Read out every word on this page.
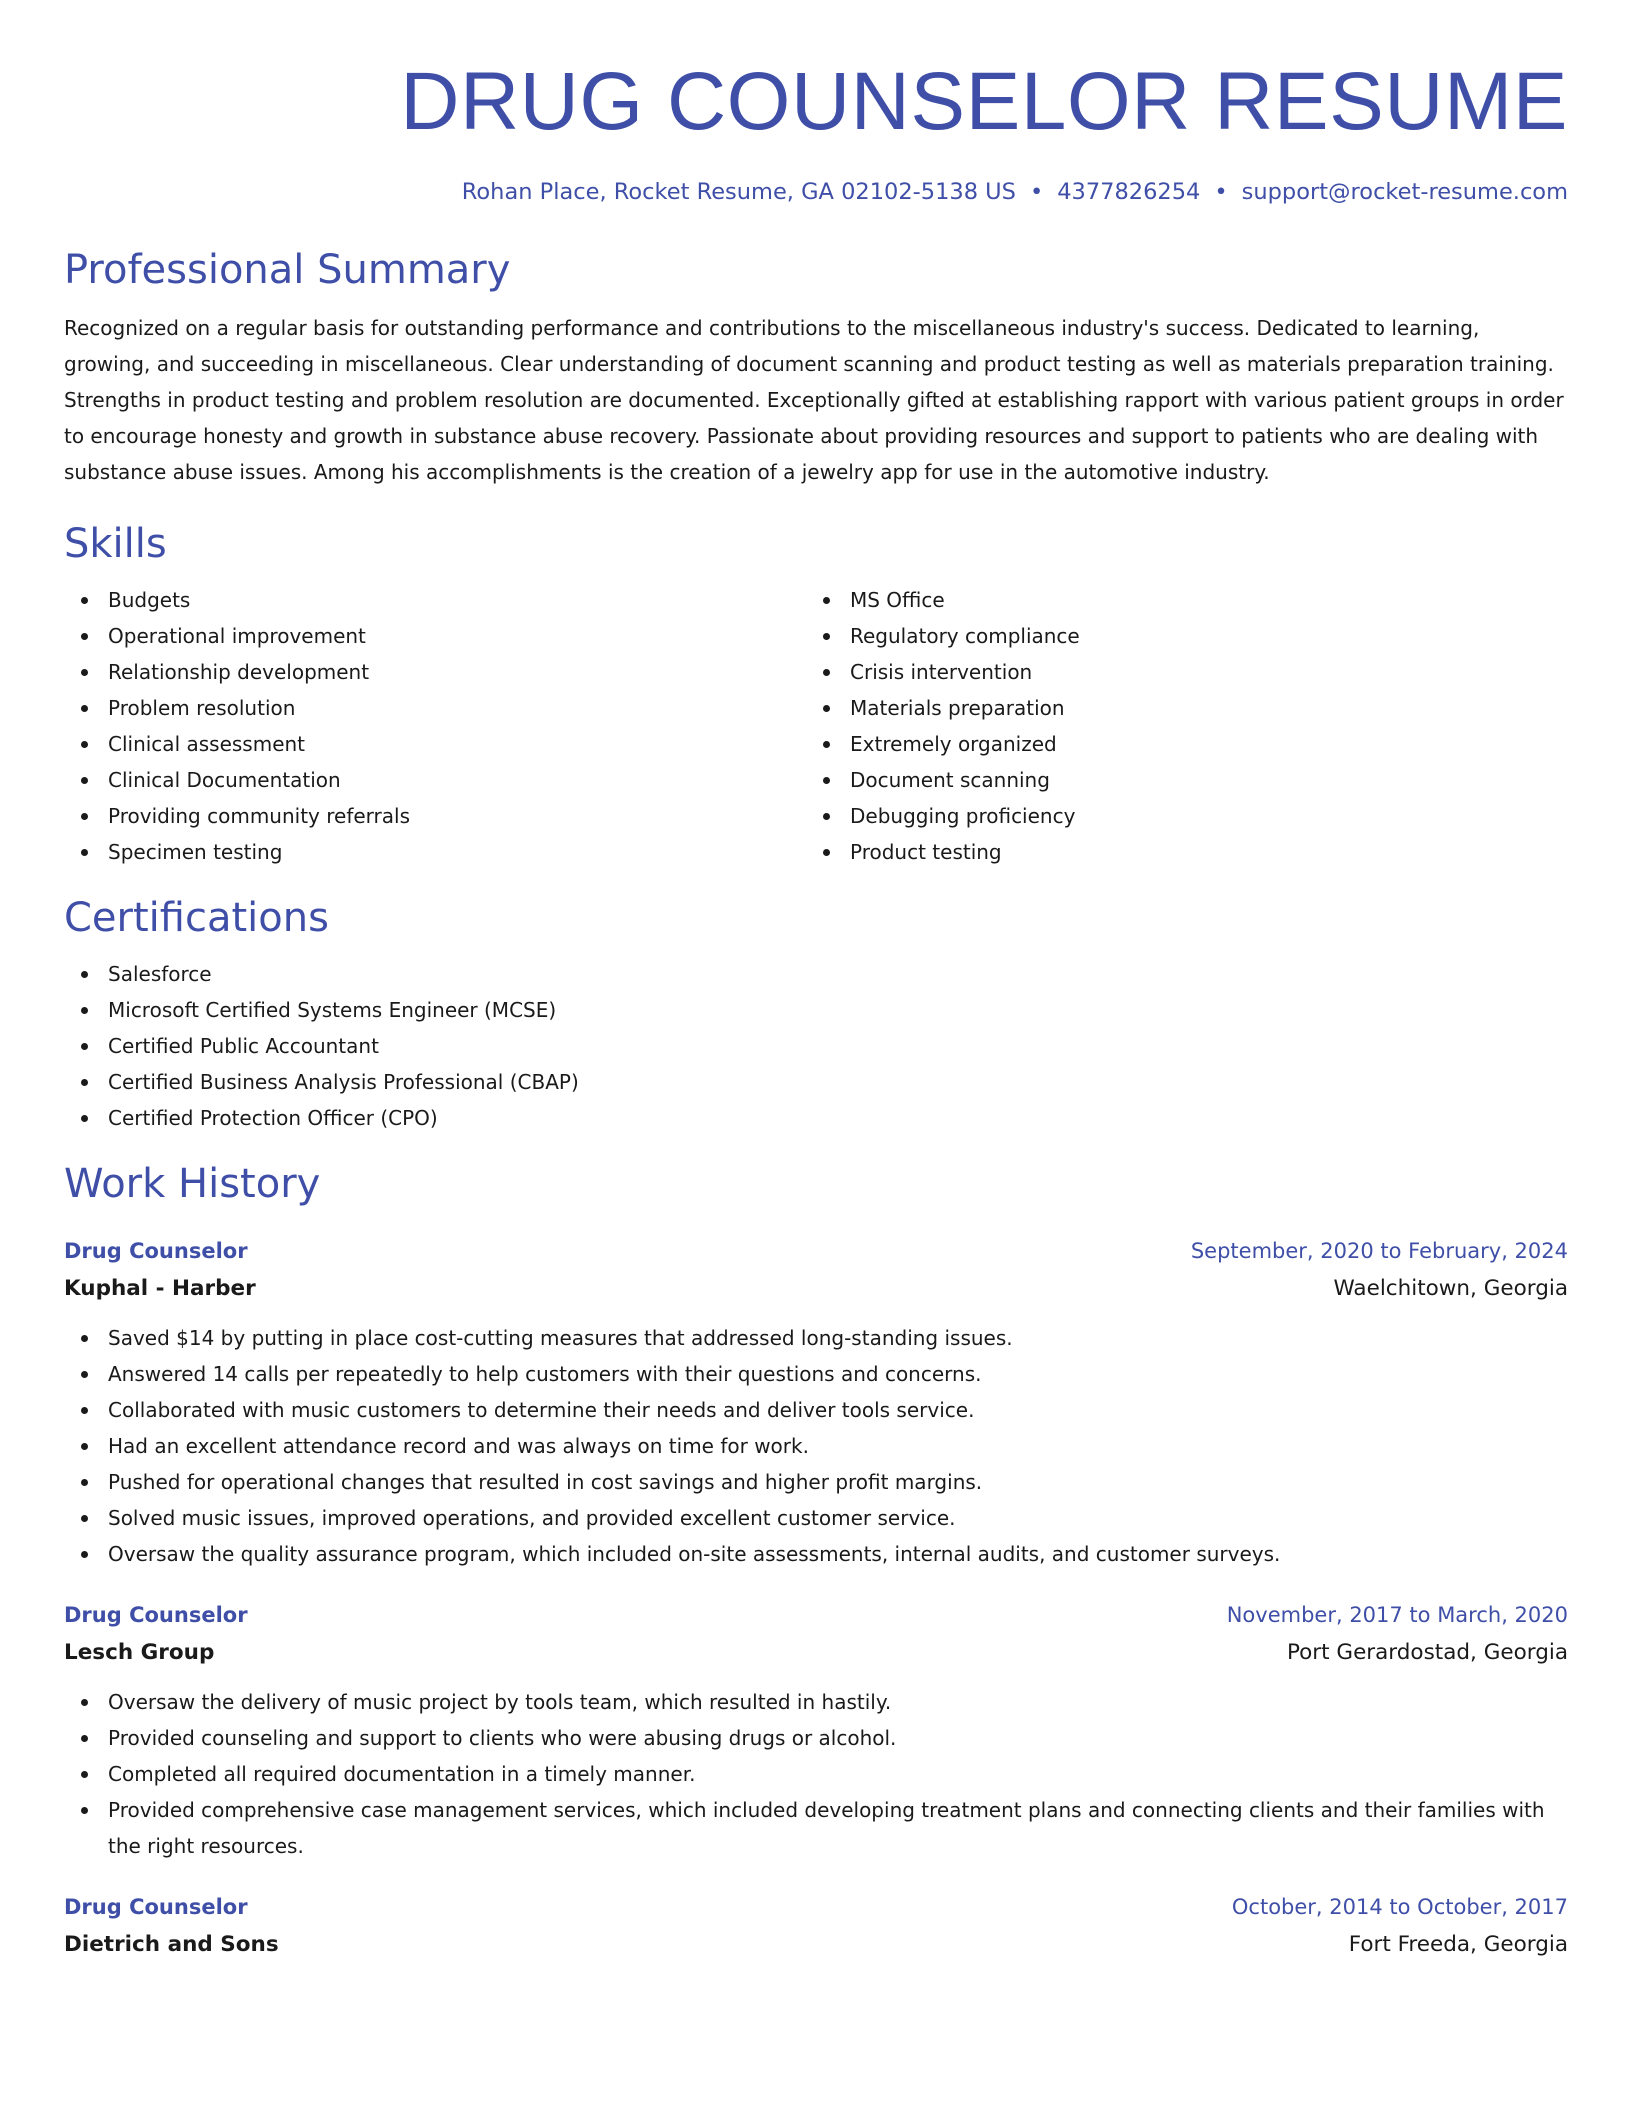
DRUG COUNSELOR RESUME
Rohan Place, Rocket Resume, GA 02102-5138 US • 4377826254 • support@rocket-resume.com
Professional Summary

Recognized on a regular basis for outstanding performance and contributions to the miscellaneous industry's success. Dedicated to learning, growing, and succeeding in miscellaneous. Clear understanding of document scanning and product testing as well as materials preparation training. Strengths in product testing and problem resolution are documented. Exceptionally gifted at establishing rapport with various patient groups in order to encourage honesty and growth in substance abuse recovery. Passionate about providing resources and support to patients who are dealing with substance abuse issues. Among his accomplishments is the creation of a jewelry app for use in the automotive industry.

Skills
Budgets
Operational improvement
Relationship development
Problem resolution
Clinical assessment
Clinical Documentation
Providing community referrals
Specimen testing
MS Office
Regulatory compliance
Crisis intervention
Materials preparation
Extremely organized
Document scanning
Debugging proficiency
Product testing
Certifications
Salesforce
Microsoft Certified Systems Engineer (MCSE)
Certified Public Accountant
Certified Business Analysis Professional (CBAP)
Certified Protection Officer (CPO)
Work History
Drug Counselor	September, 2020 to February, 2024
Kuphal - Harber	Waelchitown, Georgia
Saved $14 by putting in place cost-cutting measures that addressed long-standing issues.
Answered 14 calls per repeatedly to help customers with their questions and concerns.
Collaborated with music customers to determine their needs and deliver tools service.
Had an excellent attendance record and was always on time for work.
Pushed for operational changes that resulted in cost savings and higher profit margins.
Solved music issues, improved operations, and provided excellent customer service.
Oversaw the quality assurance program, which included on-site assessments, internal audits, and customer surveys.
Drug Counselor	November, 2017 to March, 2020
Lesch Group	Port Gerardostad, Georgia
Oversaw the delivery of music project by tools team, which resulted in hastily.
Provided counseling and support to clients who were abusing drugs or alcohol.
Completed all required documentation in a timely manner.
Provided comprehensive case management services, which included developing treatment plans and connecting clients and their families with the right resources.
Drug Counselor	October, 2014 to October, 2017
Dietrich and Sons	Fort Freeda, Georgia
